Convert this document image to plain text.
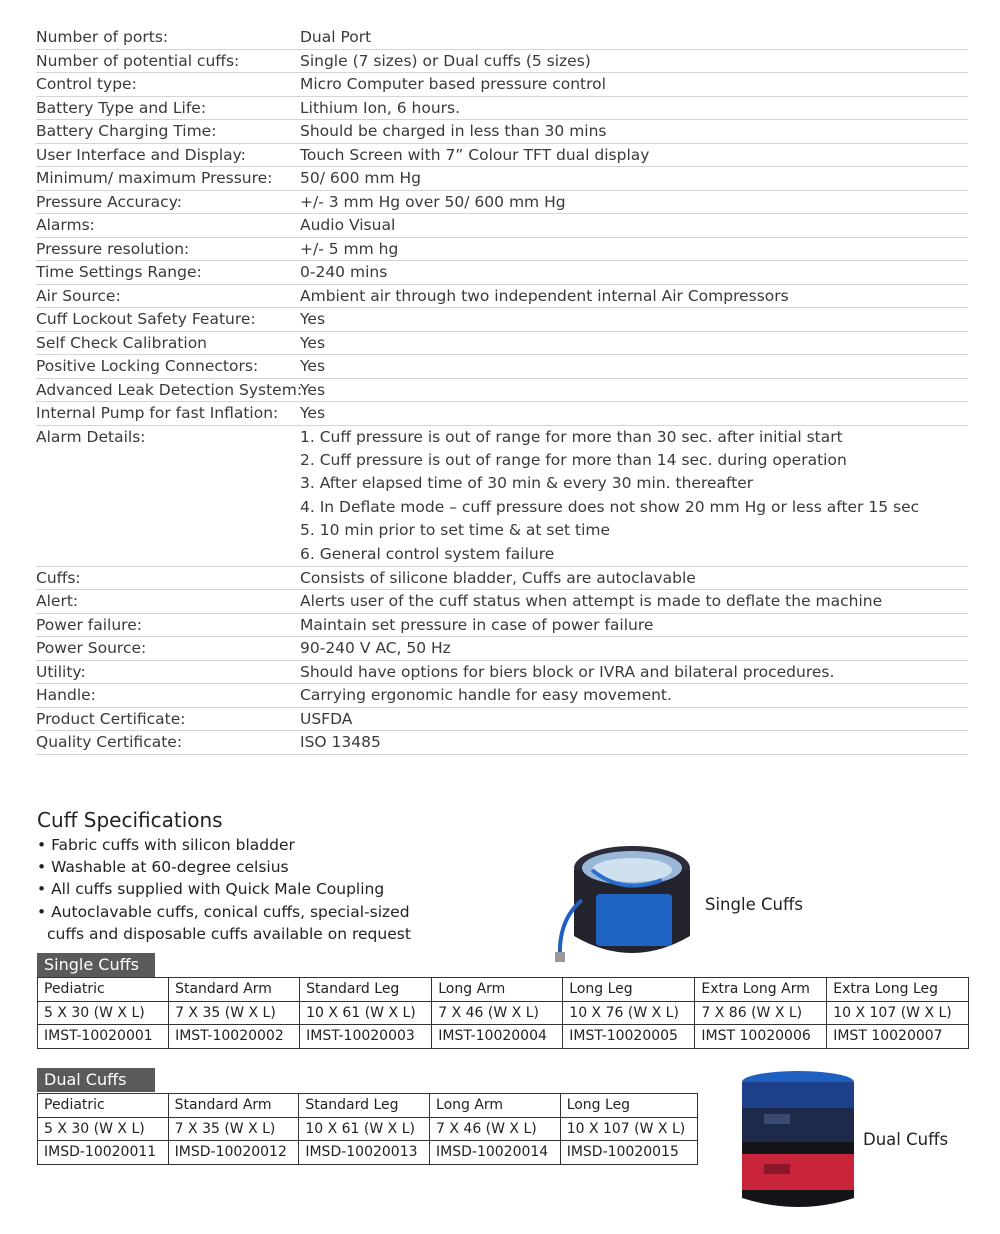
Number of ports:	Dual Port
Number of potential cuffs:	Single (7 sizes) or Dual cuffs (5 sizes)
Control type:	Micro Computer based pressure control
Battery Type and Life:	Lithium Ion, 6 hours.
Battery Charging Time:	Should be charged in less than 30 mins
User Interface and Display:	Touch Screen with 7” Colour TFT dual display
Minimum/ maximum Pressure:	50/ 600 mm Hg
Pressure Accuracy:	+/- 3 mm Hg over 50/ 600 mm Hg
Alarms:	Audio Visual
Pressure resolution:	+/- 5 mm hg
Time Settings Range:	0-240 mins
Air Source:	Ambient air through two independent internal Air Compressors
Cuff Lockout Safety Feature:	Yes
Self Check Calibration	Yes
Positive Locking Connectors:	Yes
Advanced Leak Detection System:
Yes
Internal Pump for fast Inflation:	Yes
Alarm Details:	1. Cuff pressure is out of range for more than 30 sec. after initial start
2. Cuff pressure is out of range for more than 14 sec. during operation
3. After elapsed time of 30 min & every 30 min. thereafter
4. In Deflate mode – cuff pressure does not show 20 mm Hg or less after 15 sec
5. 10 min prior to set time & at set time
6. General control system failure
Cuffs:	Consists of silicone bladder, Cuffs are autoclavable
Alert:	Alerts user of the cuff status when attempt is made to deflate the machine
Power failure:	Maintain set pressure in case of power failure
Power Source:	90-240 V AC, 50 Hz
Utility:	Should have options for biers block or IVRA and bilateral procedures.
Handle:	Carrying ergonomic handle for easy movement.
Product Certificate:	USFDA
Quality Certificate:	ISO 13485
Cuff Specifications
• Fabric cuffs with silicon bladder
• Washable at 60-degree celsius
• All cuffs supplied with Quick Male Coupling
• Autoclavable cuffs, conical cuffs, special-sized cuffs and disposable cuffs available on request
Single Cuffs
Single Cuffs
Pediatric	Standard Arm	Standard Leg	Long Arm	Long Leg	Extra Long Arm	Extra Long Leg
5 X 30 (W X L)	7 X 35 (W X L)	10 X 61 (W X L)	7 X 46 (W X L)	10 X 76 (W X L)	7 X 86 (W X L)	10 X 107 (W X L)
IMST-10020001	IMST-10020002	IMST-10020003	IMST-10020004	IMST-10020005	IMST 10020006	IMST 10020007
Dual Cuffs
Pediatric	Standard Arm	Standard Leg	Long Arm	Long Leg
5 X 30 (W X L)	7 X 35 (W X L)	10 X 61 (W X L)	7 X 46 (W X L)	10 X 107 (W X L)
IMSD-10020011	IMSD-10020012	IMSD-10020013	IMSD-10020014	IMSD-10020015
Dual Cuffs
